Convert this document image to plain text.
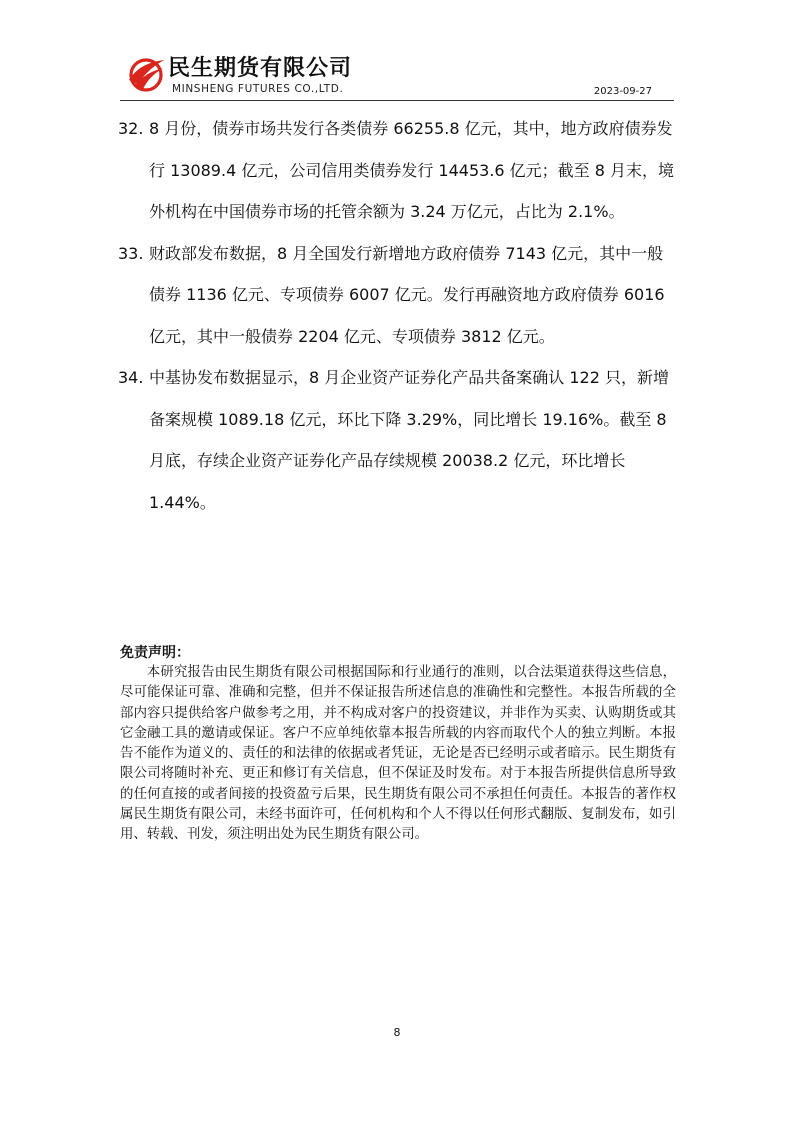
民生期货有限公司
MINSHENG FUTURES CO.,LTD.	2023-09-27
32. 8 月份，债券市场共发行各类债券 66255.8 亿元，其中，地方政府债券发行 13089.4 亿元，公司信用类债券发行 14453.6 亿元；截至 8 月末，境外机构在中国债券市场的托管余额为 3.24 万亿元，占比为 2.1%。
33. 财政部发布数据，8 月全国发行新增地方政府债券 7143 亿元，其中一般债券 1136 亿元、专项债券 6007 亿元。发行再融资地方政府债券 6016 亿元，其中一般债券 2204 亿元、专项债券 3812 亿元。
34. 中基协发布数据显示，8 月企业资产证券化产品共备案确认 122 只，新增备案规模 1089.18 亿元，环比下降 3.29%，同比增长 19.16%。截至 8 月底，存续企业资产证券化产品存续规模 20038.2 亿元，环比增长 1.44%。
免责声明：

本研究报告由民生期货有限公司根据国际和行业通行的准则，以合法渠道获得这些信息，尽可能保证可靠、准确和完整，但并不保证报告所述信息的准确性和完整性。本报告所载的全部内容只提供给客户做参考之用，并不构成对客户的投资建议，并非作为买卖、认购期货或其它金融工具的邀请或保证。客户不应单纯依靠本报告所载的内容而取代个人的独立判断。本报告不能作为道义的、责任的和法律的依据或者凭证，无论是否已经明示或者暗示。民生期货有限公司将随时补充、更正和修订有关信息，但不保证及时发布。对于本报告所提供信息所导致的任何直接的或者间接的投资盈亏后果，民生期货有限公司不承担任何责任。本报告的著作权属民生期货有限公司，未经书面许可，任何机构和个人不得以任何形式翻版、复制发布，如引用、转载、刊发，须注明出处为民生期货有限公司。

8
